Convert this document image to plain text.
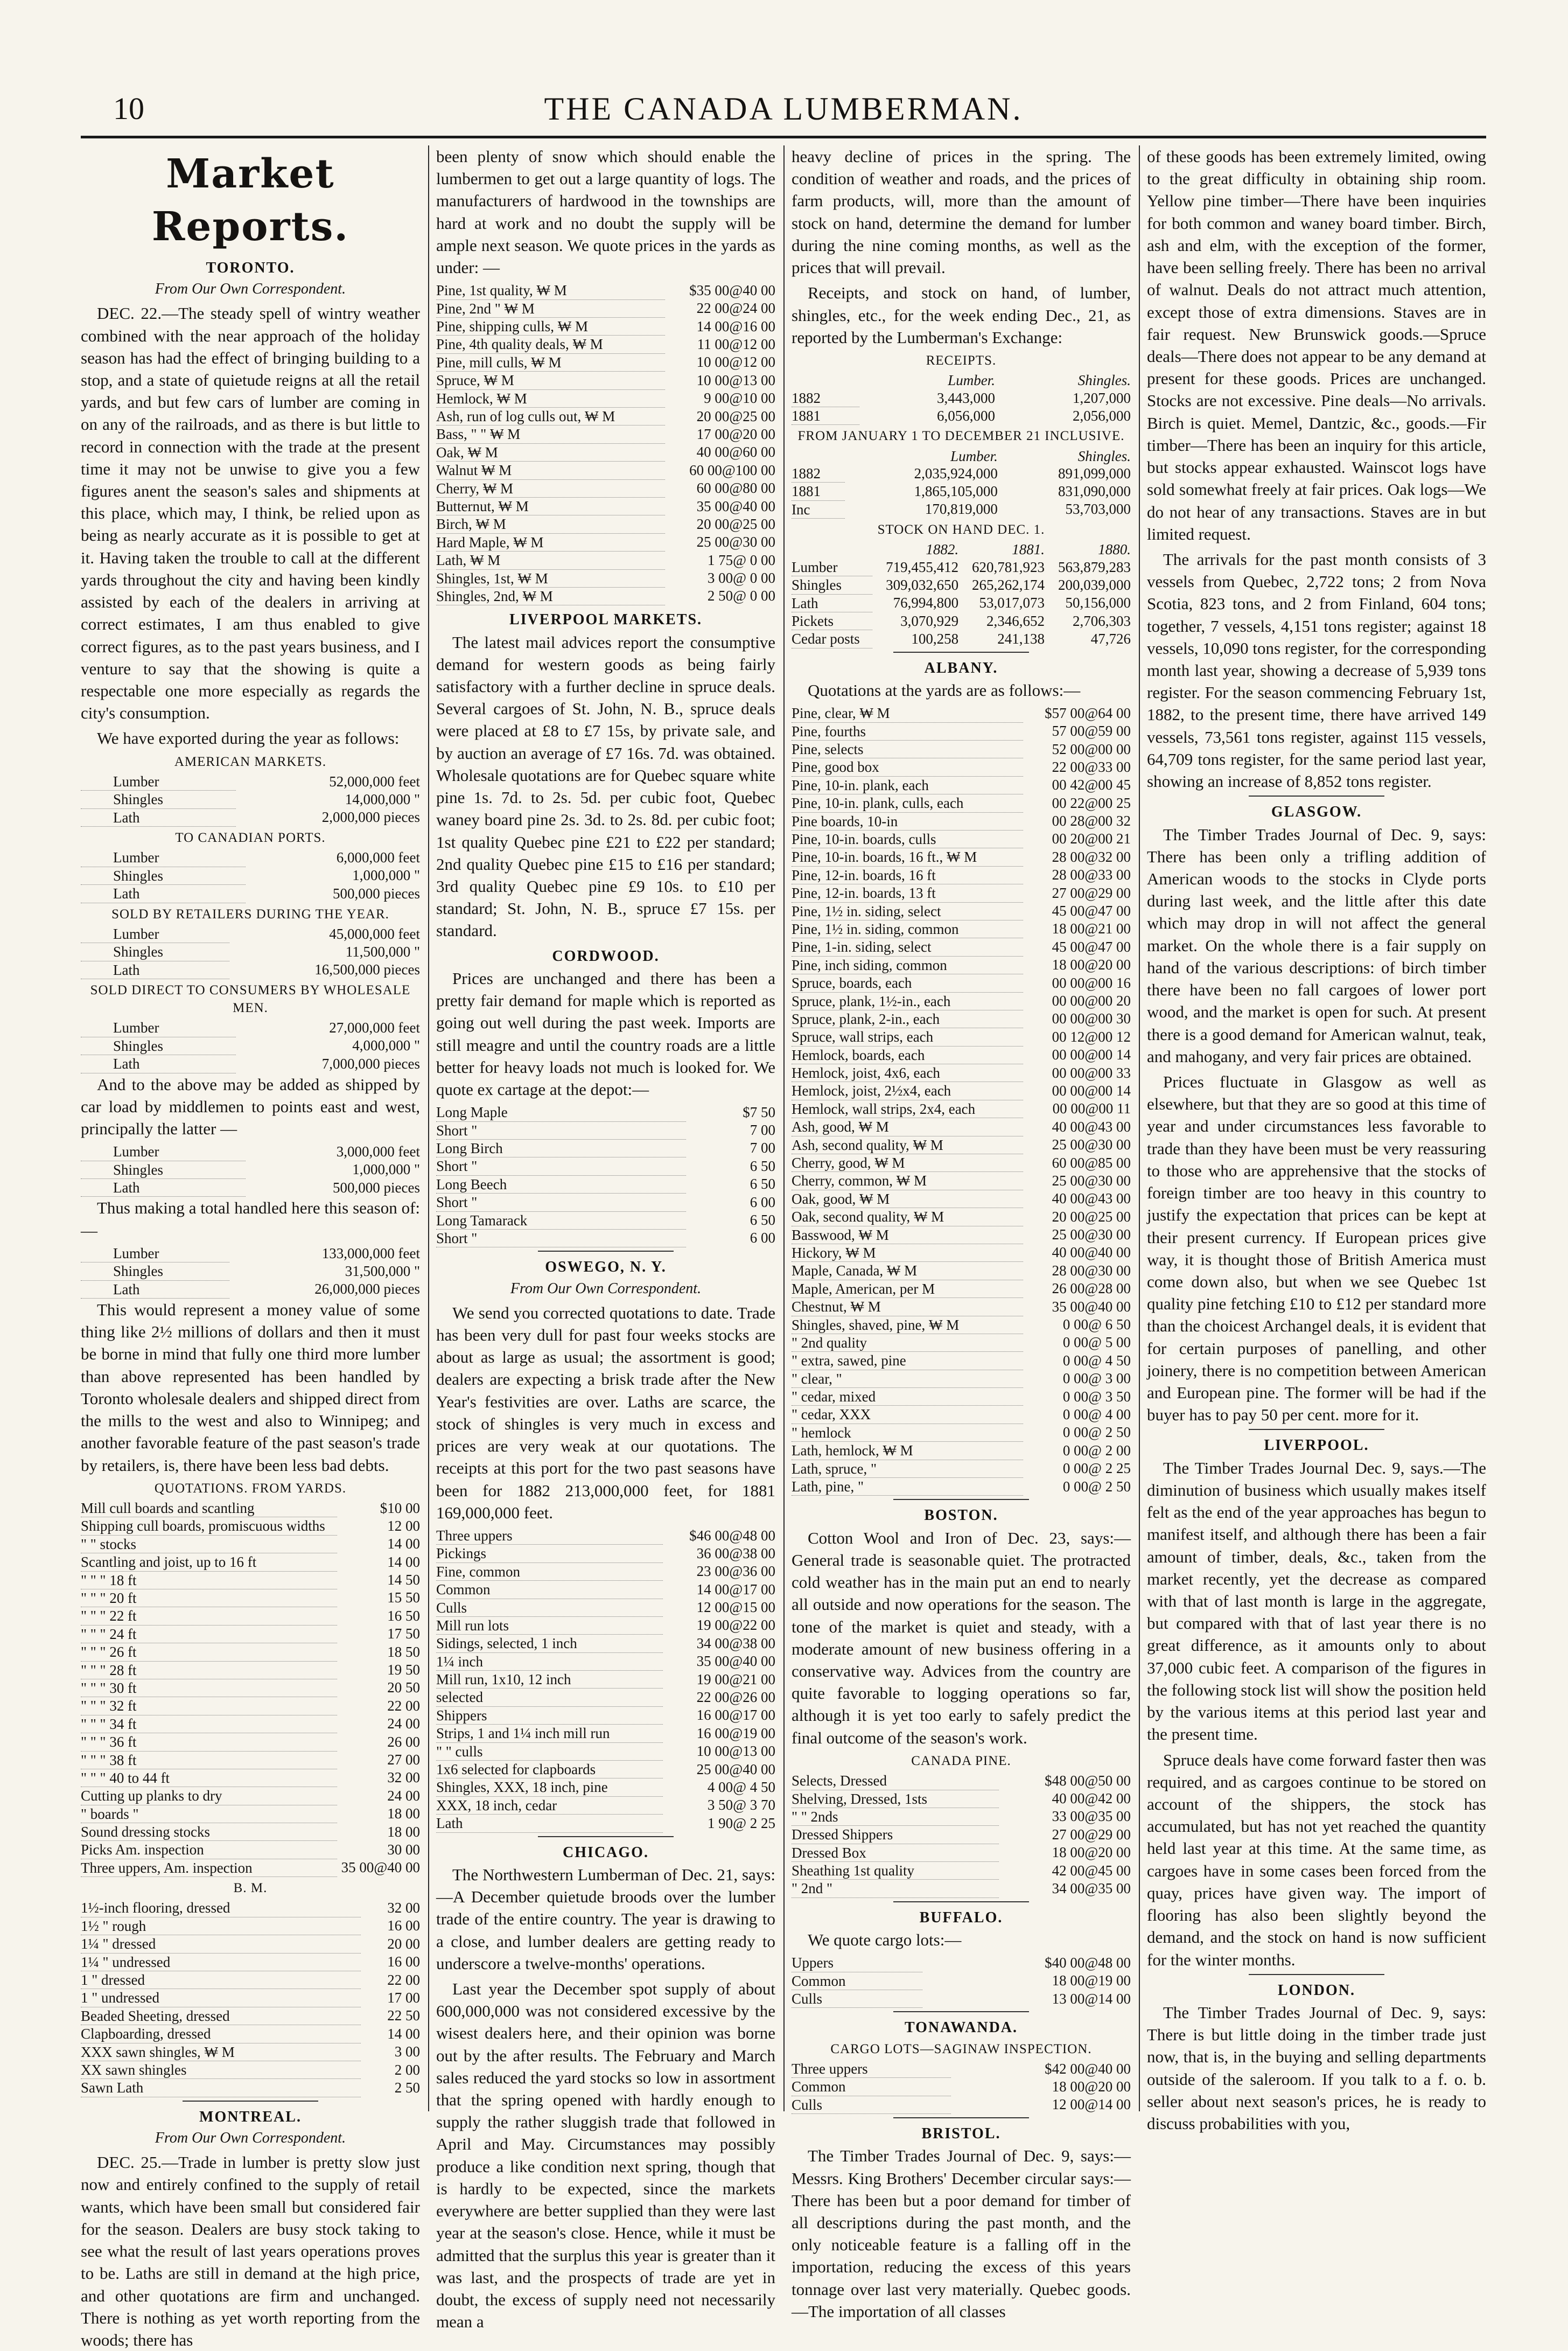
10	THE CANADA LUMBERMAN.
Market Reports.
TORONTO.
From Our Own Correspondent.

DEC. 22.—The steady spell of wintry weather combined with the near approach of the holiday season has had the effect of bringing building to a stop, and a state of quietude reigns at all the retail yards, and but few cars of lumber are coming in on any of the railroads, and as there is but little to record in connection with the trade at the present time it may not be unwise to give you a few figures anent the season's sales and shipments at this place, which may, I think, be relied upon as being as nearly accurate as it is possible to get at it. Having taken the trouble to call at the different yards throughout the city and having been kindly assisted by each of the dealers in arriving at correct estimates, I am thus enabled to give correct figures, as to the past years business, and I venture to say that the showing is quite a respectable one more especially as regards the city's consumption.

We have exported during the year as follows:

AMERICAN MARKETS.
Lumber	52,000,000 feet
Shingles	14,000,000 "
Lath	2,000,000 pieces
TO CANADIAN PORTS.
Lumber	6,000,000 feet
Shingles	1,000,000 "
Lath	500,000 pieces
SOLD BY RETAILERS DURING THE YEAR.
Lumber	45,000,000 feet
Shingles	11,500,000 "
Lath	16,500,000 pieces
SOLD DIRECT TO CONSUMERS BY WHOLESALE MEN.
Lumber	27,000,000 feet
Shingles	4,000,000 "
Lath	7,000,000 pieces

And to the above may be added as shipped by car load by middlemen to points east and west, principally the latter —

Lumber	3,000,000 feet
Shingles	1,000,000 "
Lath	500,000 pieces

Thus making a total handled here this season of:—

Lumber	133,000,000 feet
Shingles	31,500,000 "
Lath	26,000,000 pieces

This would represent a money value of some thing like 2½ millions of dollars and then it must be borne in mind that fully one third more lumber than above represented has been handled by Toronto wholesale dealers and shipped direct from the mills to the west and also to Winnipeg; and another favorable feature of the past season's trade by retailers, is, there have been less bad debts.

QUOTATIONS. FROM YARDS.
Mill cull boards and scantling	$10 00
Shipping cull boards, promiscuous widths	12 00
" " stocks	14 00
Scantling and joist, up to 16 ft	14 00
" " " 18 ft	14 50
" " " 20 ft	15 50
" " " 22 ft	16 50
" " " 24 ft	17 50
" " " 26 ft	18 50
" " " 28 ft	19 50
" " " 30 ft	20 50
" " " 32 ft	22 00
" " " 34 ft	24 00
" " " 36 ft	26 00
" " " 38 ft	27 00
" " " 40 to 44 ft	32 00
Cutting up planks to dry	24 00
" boards "	18 00
Sound dressing stocks	18 00
Picks Am. inspection	30 00
Three uppers, Am. inspection	35 00@40 00
B. M.
1½-inch flooring, dressed	32 00
1½ " rough	16 00
1¼ " dressed	20 00
1¼ " undressed	16 00
1 " dressed	22 00
1 " undressed	17 00
Beaded Sheeting, dressed	22 50
Clapboarding, dressed	14 00
XXX sawn shingles, ₩ M	3 00
XX sawn shingles	2 00
Sawn Lath	2 50
MONTREAL.
From Our Own Correspondent.

DEC. 25.—Trade in lumber is pretty slow just now and entirely confined to the supply of retail wants, which have been small but considered fair for the season. Dealers are busy stock taking to see what the result of last years operations proves to be. Laths are still in demand at the high price, and other quotations are firm and unchanged. There is nothing as yet worth reporting from the woods; there has

been plenty of snow which should enable the lumbermen to get out a large quantity of logs. The manufacturers of hardwood in the townships are hard at work and no doubt the supply will be ample next season. We quote prices in the yards as under: —

Pine, 1st quality, ₩ M	$35 00@40 00
Pine, 2nd " ₩ M	22 00@24 00
Pine, shipping culls, ₩ M	14 00@16 00
Pine, 4th quality deals, ₩ M	11 00@12 00
Pine, mill culls, ₩ M	10 00@12 00
Spruce, ₩ M	10 00@13 00
Hemlock, ₩ M	9 00@10 00
Ash, run of log culls out, ₩ M	20 00@25 00
Bass, " " ₩ M	17 00@20 00
Oak, ₩ M	40 00@60 00
Walnut ₩ M	60 00@100 00
Cherry, ₩ M	60 00@80 00
Butternut, ₩ M	35 00@40 00
Birch, ₩ M	20 00@25 00
Hard Maple, ₩ M	25 00@30 00
Lath, ₩ M	1 75@ 0 00
Shingles, 1st, ₩ M	3 00@ 0 00
Shingles, 2nd, ₩ M	2 50@ 0 00
LIVERPOOL MARKETS.

The latest mail advices report the consumptive demand for western goods as being fairly satisfactory with a further decline in spruce deals. Several cargoes of St. John, N. B., spruce deals were placed at £8 to £7 15s, by private sale, and by auction an average of £7 16s. 7d. was obtained. Wholesale quotations are for Quebec square white pine 1s. 7d. to 2s. 5d. per cubic foot, Quebec waney board pine 2s. 3d. to 2s. 8d. per cubic foot; 1st quality Quebec pine £21 to £22 per standard; 2nd quality Quebec pine £15 to £16 per standard; 3rd quality Quebec pine £9 10s. to £10 per standard; St. John, N. B., spruce £7 15s. per standard.

CORDWOOD.

Prices are unchanged and there has been a pretty fair demand for maple which is reported as going out well during the past week. Imports are still meagre and until the country roads are a little better for heavy loads not much is looked for. We quote ex cartage at the depot:—

Long Maple	$7 50
Short "	7 00
Long Birch	7 00
Short "	6 50
Long Beech	6 50
Short "	6 00
Long Tamarack	6 50
Short "	6 00
OSWEGO, N. Y.
From Our Own Correspondent.

We send you corrected quotations to date. Trade has been very dull for past four weeks stocks are about as large as usual; the assortment is good; dealers are expecting a brisk trade after the New Year's festivities are over. Laths are scarce, the stock of shingles is very much in excess and prices are very weak at our quotations. The receipts at this port for the two past seasons have been for 1882 213,000,000 feet, for 1881 169,000,000 feet.

Three uppers	$46 00@48 00
Pickings	36 00@38 00
Fine, common	23 00@36 00
Common	14 00@17 00
Culls	12 00@15 00
Mill run lots	19 00@22 00
Sidings, selected, 1 inch	34 00@38 00
1¼ inch	35 00@40 00
Mill run, 1x10, 12 inch	19 00@21 00
selected	22 00@26 00
Shippers	16 00@17 00
Strips, 1 and 1¼ inch mill run	16 00@19 00
" " culls	10 00@13 00
1x6 selected for clapboards	25 00@40 00
Shingles, XXX, 18 inch, pine	4 00@ 4 50
XXX, 18 inch, cedar	3 50@ 3 70
Lath	1 90@ 2 25
CHICAGO.

The Northwestern Lumberman of Dec. 21, says:—A December quietude broods over the lumber trade of the entire country. The year is drawing to a close, and lumber dealers are getting ready to underscore a twelve-months' operations.

Last year the December spot supply of about 600,000,000 was not considered excessive by the wisest dealers here, and their opinion was borne out by the after results. The February and March sales reduced the yard stocks so low in assortment that the spring opened with hardly enough to supply the rather sluggish trade that followed in April and May. Circumstances may possibly produce a like condition next spring, though that is hardly to be expected, since the markets everywhere are better supplied than they were last year at the season's close. Hence, while it must be admitted that the surplus this year is greater than it was last, and the prospects of trade are yet in doubt, the excess of supply need not necessarily mean a

heavy decline of prices in the spring. The condition of weather and roads, and the prices of farm products, will, more than the amount of stock on hand, determine the demand for lumber during the nine coming months, as well as the prices that will prevail.

Receipts, and stock on hand, of lumber, shingles, etc., for the week ending Dec., 21, as reported by the Lumberman's Exchange:

RECEIPTS.
	Lumber.	Shingles.
1882	3,443,000	1,207,000
1881	6,056,000	2,056,000
FROM JANUARY 1 TO DECEMBER 21 INCLUSIVE.
	Lumber.	Shingles.
1882	2,035,924,000	891,099,000
1881	1,865,105,000	831,090,000
Inc	170,819,000	53,703,000
STOCK ON HAND DEC. 1.
	1882.	1881.	1880.
Lumber	719,455,412	620,781,923	563,879,283
Shingles	309,032,650	265,262,174	200,039,000
Lath	76,994,800	53,017,073	50,156,000
Pickets	3,070,929	2,346,652	2,706,303
Cedar posts	100,258	241,138	47,726
ALBANY.

Quotations at the yards are as follows:—

Pine, clear, ₩ M	$57 00@64 00
Pine, fourths	57 00@59 00
Pine, selects	52 00@00 00
Pine, good box	22 00@33 00
Pine, 10-in. plank, each	00 42@00 45
Pine, 10-in. plank, culls, each	00 22@00 25
Pine boards, 10-in	00 28@00 32
Pine, 10-in. boards, culls	00 20@00 21
Pine, 10-in. boards, 16 ft., ₩ M	28 00@32 00
Pine, 12-in. boards, 16 ft	28 00@33 00
Pine, 12-in. boards, 13 ft	27 00@29 00
Pine, 1½ in. siding, select	45 00@47 00
Pine, 1½ in. siding, common	18 00@21 00
Pine, 1-in. siding, select	45 00@47 00
Pine, inch siding, common	18 00@20 00
Spruce, boards, each	00 00@00 16
Spruce, plank, 1½-in., each	00 00@00 20
Spruce, plank, 2-in., each	00 00@00 30
Spruce, wall strips, each	00 12@00 12
Hemlock, boards, each	00 00@00 14
Hemlock, joist, 4x6, each	00 00@00 33
Hemlock, joist, 2½x4, each	00 00@00 14
Hemlock, wall strips, 2x4, each	00 00@00 11
Ash, good, ₩ M	40 00@43 00
Ash, second quality, ₩ M	25 00@30 00
Cherry, good, ₩ M	60 00@85 00
Cherry, common, ₩ M	25 00@30 00
Oak, good, ₩ M	40 00@43 00
Oak, second quality, ₩ M	20 00@25 00
Basswood, ₩ M	25 00@30 00
Hickory, ₩ M	40 00@40 00
Maple, Canada, ₩ M	28 00@30 00
Maple, American, per M	26 00@28 00
Chestnut, ₩ M	35 00@40 00
Shingles, shaved, pine, ₩ M	0 00@ 6 50
" 2nd quality	0 00@ 5 00
" extra, sawed, pine	0 00@ 4 50
" clear, "	0 00@ 3 00
" cedar, mixed	0 00@ 3 50
" cedar, XXX	0 00@ 4 00
" hemlock	0 00@ 2 50
Lath, hemlock, ₩ M	0 00@ 2 00
Lath, spruce, "	0 00@ 2 25
Lath, pine, "	0 00@ 2 50
BOSTON.

Cotton Wool and Iron of Dec. 23, says:—General trade is seasonable quiet. The protracted cold weather has in the main put an end to nearly all outside and now operations for the season. The tone of the market is quiet and steady, with a moderate amount of new business offering in a conservative way. Advices from the country are quite favorable to logging operations so far, although it is yet too early to safely predict the final outcome of the season's work.

CANADA PINE.
Selects, Dressed	$48 00@50 00
Shelving, Dressed, 1sts	40 00@42 00
" " 2nds	33 00@35 00
Dressed Shippers	27 00@29 00
Dressed Box	18 00@20 00
Sheathing 1st quality	42 00@45 00
" 2nd "	34 00@35 00
BUFFALO.

We quote cargo lots:—

Uppers	$40 00@48 00
Common	18 00@19 00
Culls	13 00@14 00
TONAWANDA.
CARGO LOTS—SAGINAW INSPECTION.
Three uppers	$42 00@40 00
Common	18 00@20 00
Culls	12 00@14 00
BRISTOL.

The Timber Trades Journal of Dec. 9, says:—Messrs. King Brothers' December circular says:—There has been but a poor demand for timber of all descriptions during the past month, and the only noticeable feature is a falling off in the importation, reducing the excess of this years tonnage over last very materially. Quebec goods.—The importation of all classes

of these goods has been extremely limited, owing to the great difficulty in obtaining ship room. Yellow pine timber—There have been inquiries for both common and waney board timber. Birch, ash and elm, with the exception of the former, have been selling freely. There has been no arrival of walnut. Deals do not attract much attention, except those of extra dimensions. Staves are in fair request. New Brunswick goods.—Spruce deals—There does not appear to be any demand at present for these goods. Prices are unchanged. Stocks are not excessive. Pine deals—No arrivals. Birch is quiet. Memel, Dantzic, &c., goods.—Fir timber—There has been an inquiry for this article, but stocks appear exhausted. Wainscot logs have sold somewhat freely at fair prices. Oak logs—We do not hear of any transactions. Staves are in but limited request.

The arrivals for the past month consists of 3 vessels from Quebec, 2,722 tons; 2 from Nova Scotia, 823 tons, and 2 from Finland, 604 tons; together, 7 vessels, 4,151 tons register; against 18 vessels, 10,090 tons register, for the corresponding month last year, showing a decrease of 5,939 tons register. For the season commencing February 1st, 1882, to the present time, there have arrived 149 vessels, 73,561 tons register, against 115 vessels, 64,709 tons register, for the same period last year, showing an increase of 8,852 tons register.

GLASGOW.

The Timber Trades Journal of Dec. 9, says: There has been only a trifling addition of American woods to the stocks in Clyde ports during last week, and the little after this date which may drop in will not affect the general market. On the whole there is a fair supply on hand of the various descriptions: of birch timber there have been no fall cargoes of lower port wood, and the market is open for such. At present there is a good demand for American walnut, teak, and mahogany, and very fair prices are obtained.

Prices fluctuate in Glasgow as well as elsewhere, but that they are so good at this time of year and under circumstances less favorable to trade than they have been must be very reassuring to those who are apprehensive that the stocks of foreign timber are too heavy in this country to justify the expectation that prices can be kept at their present currency. If European prices give way, it is thought those of British America must come down also, but when we see Quebec 1st quality pine fetching £10 to £12 per standard more than the choicest Archangel deals, it is evident that for certain purposes of panelling, and other joinery, there is no competition between American and European pine. The former will be had if the buyer has to pay 50 per cent. more for it.

LIVERPOOL.

The Timber Trades Journal Dec. 9, says.—The diminution of business which usually makes itself felt as the end of the year approaches has begun to manifest itself, and although there has been a fair amount of timber, deals, &c., taken from the market recently, yet the decrease as compared with that of last month is large in the aggregate, but compared with that of last year there is no great difference, as it amounts only to about 37,000 cubic feet. A comparison of the figures in the following stock list will show the position held by the various items at this period last year and the present time.

Spruce deals have come forward faster then was required, and as cargoes continue to be stored on account of the shippers, the stock has accumulated, but has not yet reached the quantity held last year at this time. At the same time, as cargoes have in some cases been forced from the quay, prices have given way. The import of flooring has also been slightly beyond the demand, and the stock on hand is now sufficient for the winter months.

LONDON.

The Timber Trades Journal of Dec. 9, says: There is but little doing in the timber trade just now, that is, in the buying and selling departments outside of the saleroom. If you talk to a f. o. b. seller about next season's prices, he is ready to discuss probabilities with you,
